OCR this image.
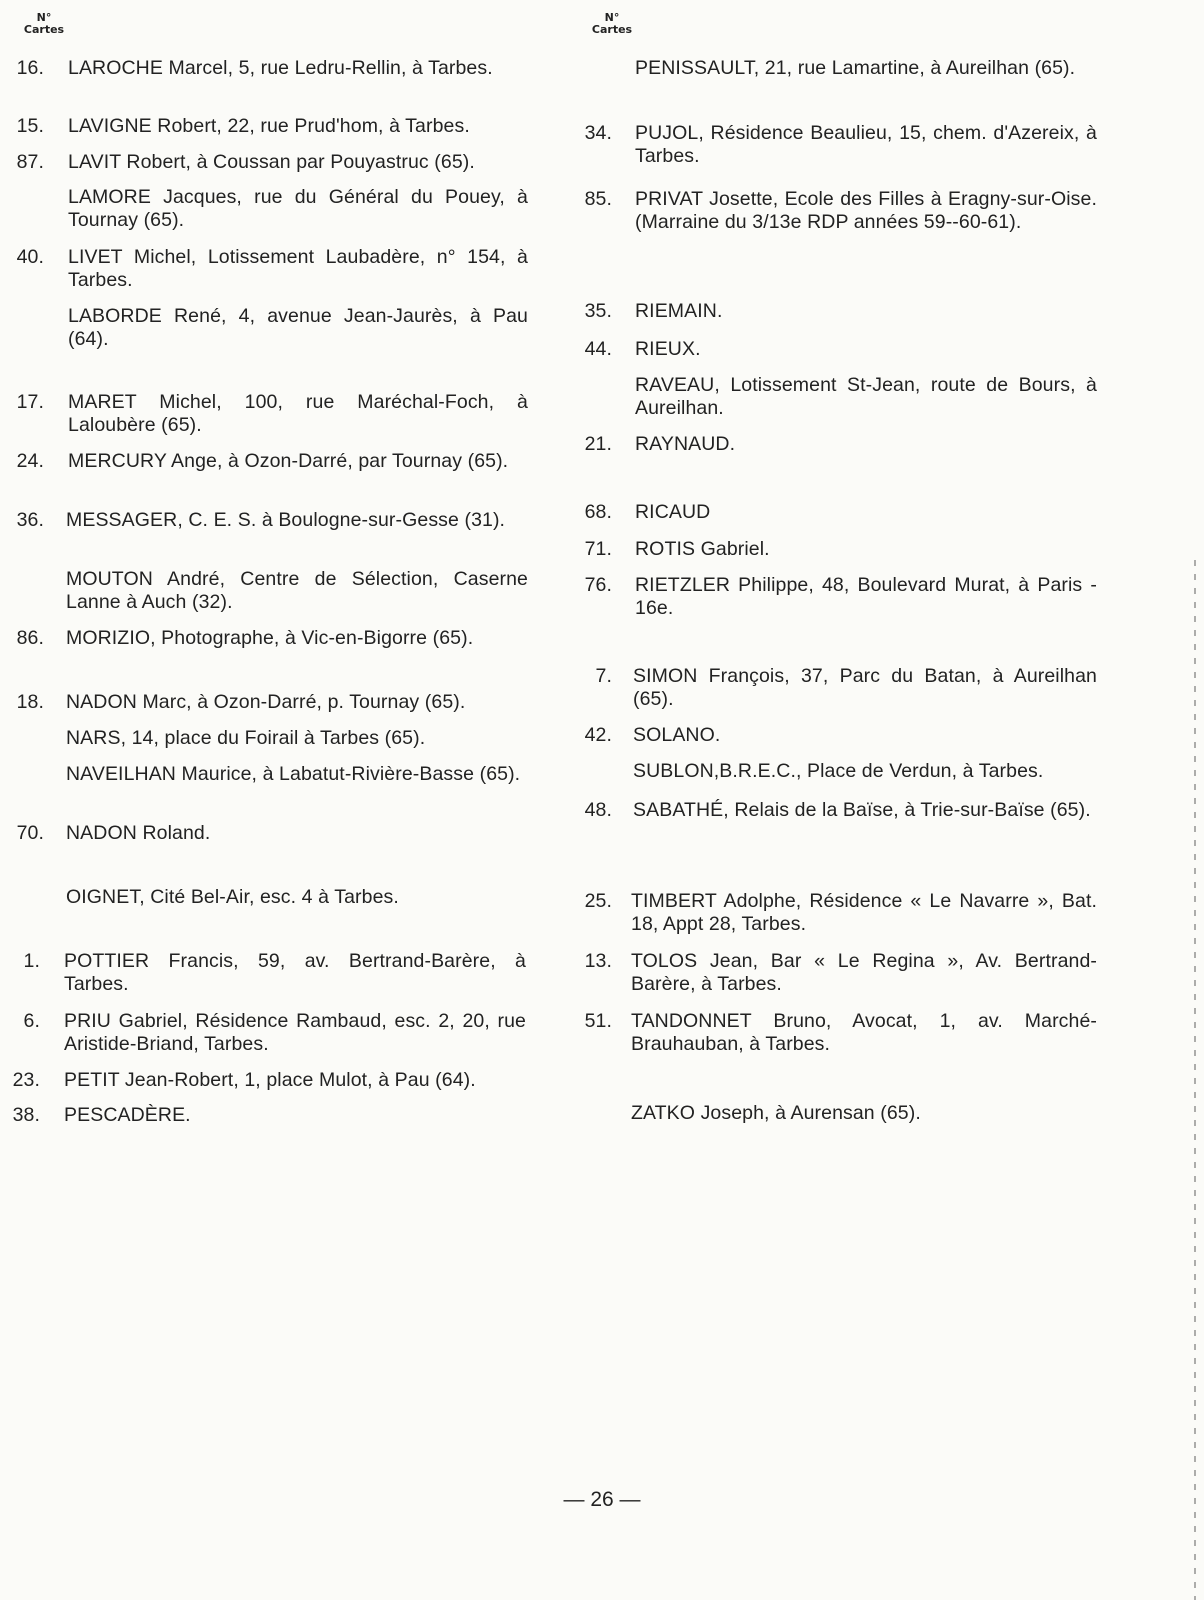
N°
Cartes
N°
Cartes
16. LAROCHE Marcel, 5, rue Ledru-Rellin, à Tarbes.
15. LAVIGNE Robert, 22, rue Prud'hom, à Tarbes.
87. LAVIT Robert, à Coussan par Pouyastruc (65).
LAMORE Jacques, rue du Général du Pouey, à Tournay (65).
40. LIVET Michel, Lotissement Laubadère, n° 154, à Tarbes.
LABORDE René, 4, avenue Jean-Jaurès, à Pau (64).
17. MARET Michel, 100, rue Maréchal-Foch, à Laloubère (65).
24. MERCURY Ange, à Ozon-Darré, par Tournay (65).
36. MESSAGER, C. E. S. à Boulogne-sur-Gesse (31).
MOUTON André, Centre de Sélection, Caserne Lanne à Auch (32).
86. MORIZIO, Photographe, à Vic-en-Bigorre (65).
18. NADON Marc, à Ozon-Darré, p. Tournay (65).
NARS, 14, place du Foirail à Tarbes (65).
NAVEILHAN Maurice, à Labatut-Rivière-Basse (65).
70. NADON Roland.
OIGNET, Cité Bel-Air, esc. 4 à Tarbes.
1. POTTIER Francis, 59, av. Bertrand-Barère, à Tarbes.
6. PRIU Gabriel, Résidence Rambaud, esc. 2, 20, rue Aristide-Briand, Tarbes.
23. PETIT Jean-Robert, 1, place Mulot, à Pau (64).
38. PESCADÈRE.
PENISSAULT, 21, rue Lamartine, à Aureilhan (65).
34. PUJOL, Résidence Beaulieu, 15, chem. d'Azereix, à Tarbes.
85. PRIVAT Josette, Ecole des Filles à Eragny-sur-Oise. (Marraine du 3/13e RDP années 59--60-61).
35. RIEMAIN.
44. RIEUX.
RAVEAU, Lotissement St-Jean, route de Bours, à Aureilhan.
21. RAYNAUD.
68. RICAUD
71. ROTIS Gabriel.
76. RIETZLER Philippe, 48, Boulevard Murat, à Paris - 16e.
7. SIMON François, 37, Parc du Batan, à Aureilhan (65).
42. SOLANO.
SUBLON,B.R.E.C., Place de Verdun, à Tarbes.
48. SABATHÉ, Relais de la Baïse, à Trie-sur-Baïse (65).
25. TIMBERT Adolphe, Résidence « Le Navarre », Bat. 18, Appt 28, Tarbes.
13. TOLOS Jean, Bar « Le Regina », Av. Bertrand-Barère, à Tarbes.
51. TANDONNET Bruno, Avocat, 1, av. Marché-Brauhauban, à Tarbes.
ZATKO Joseph, à Aurensan (65).
— 26 —
